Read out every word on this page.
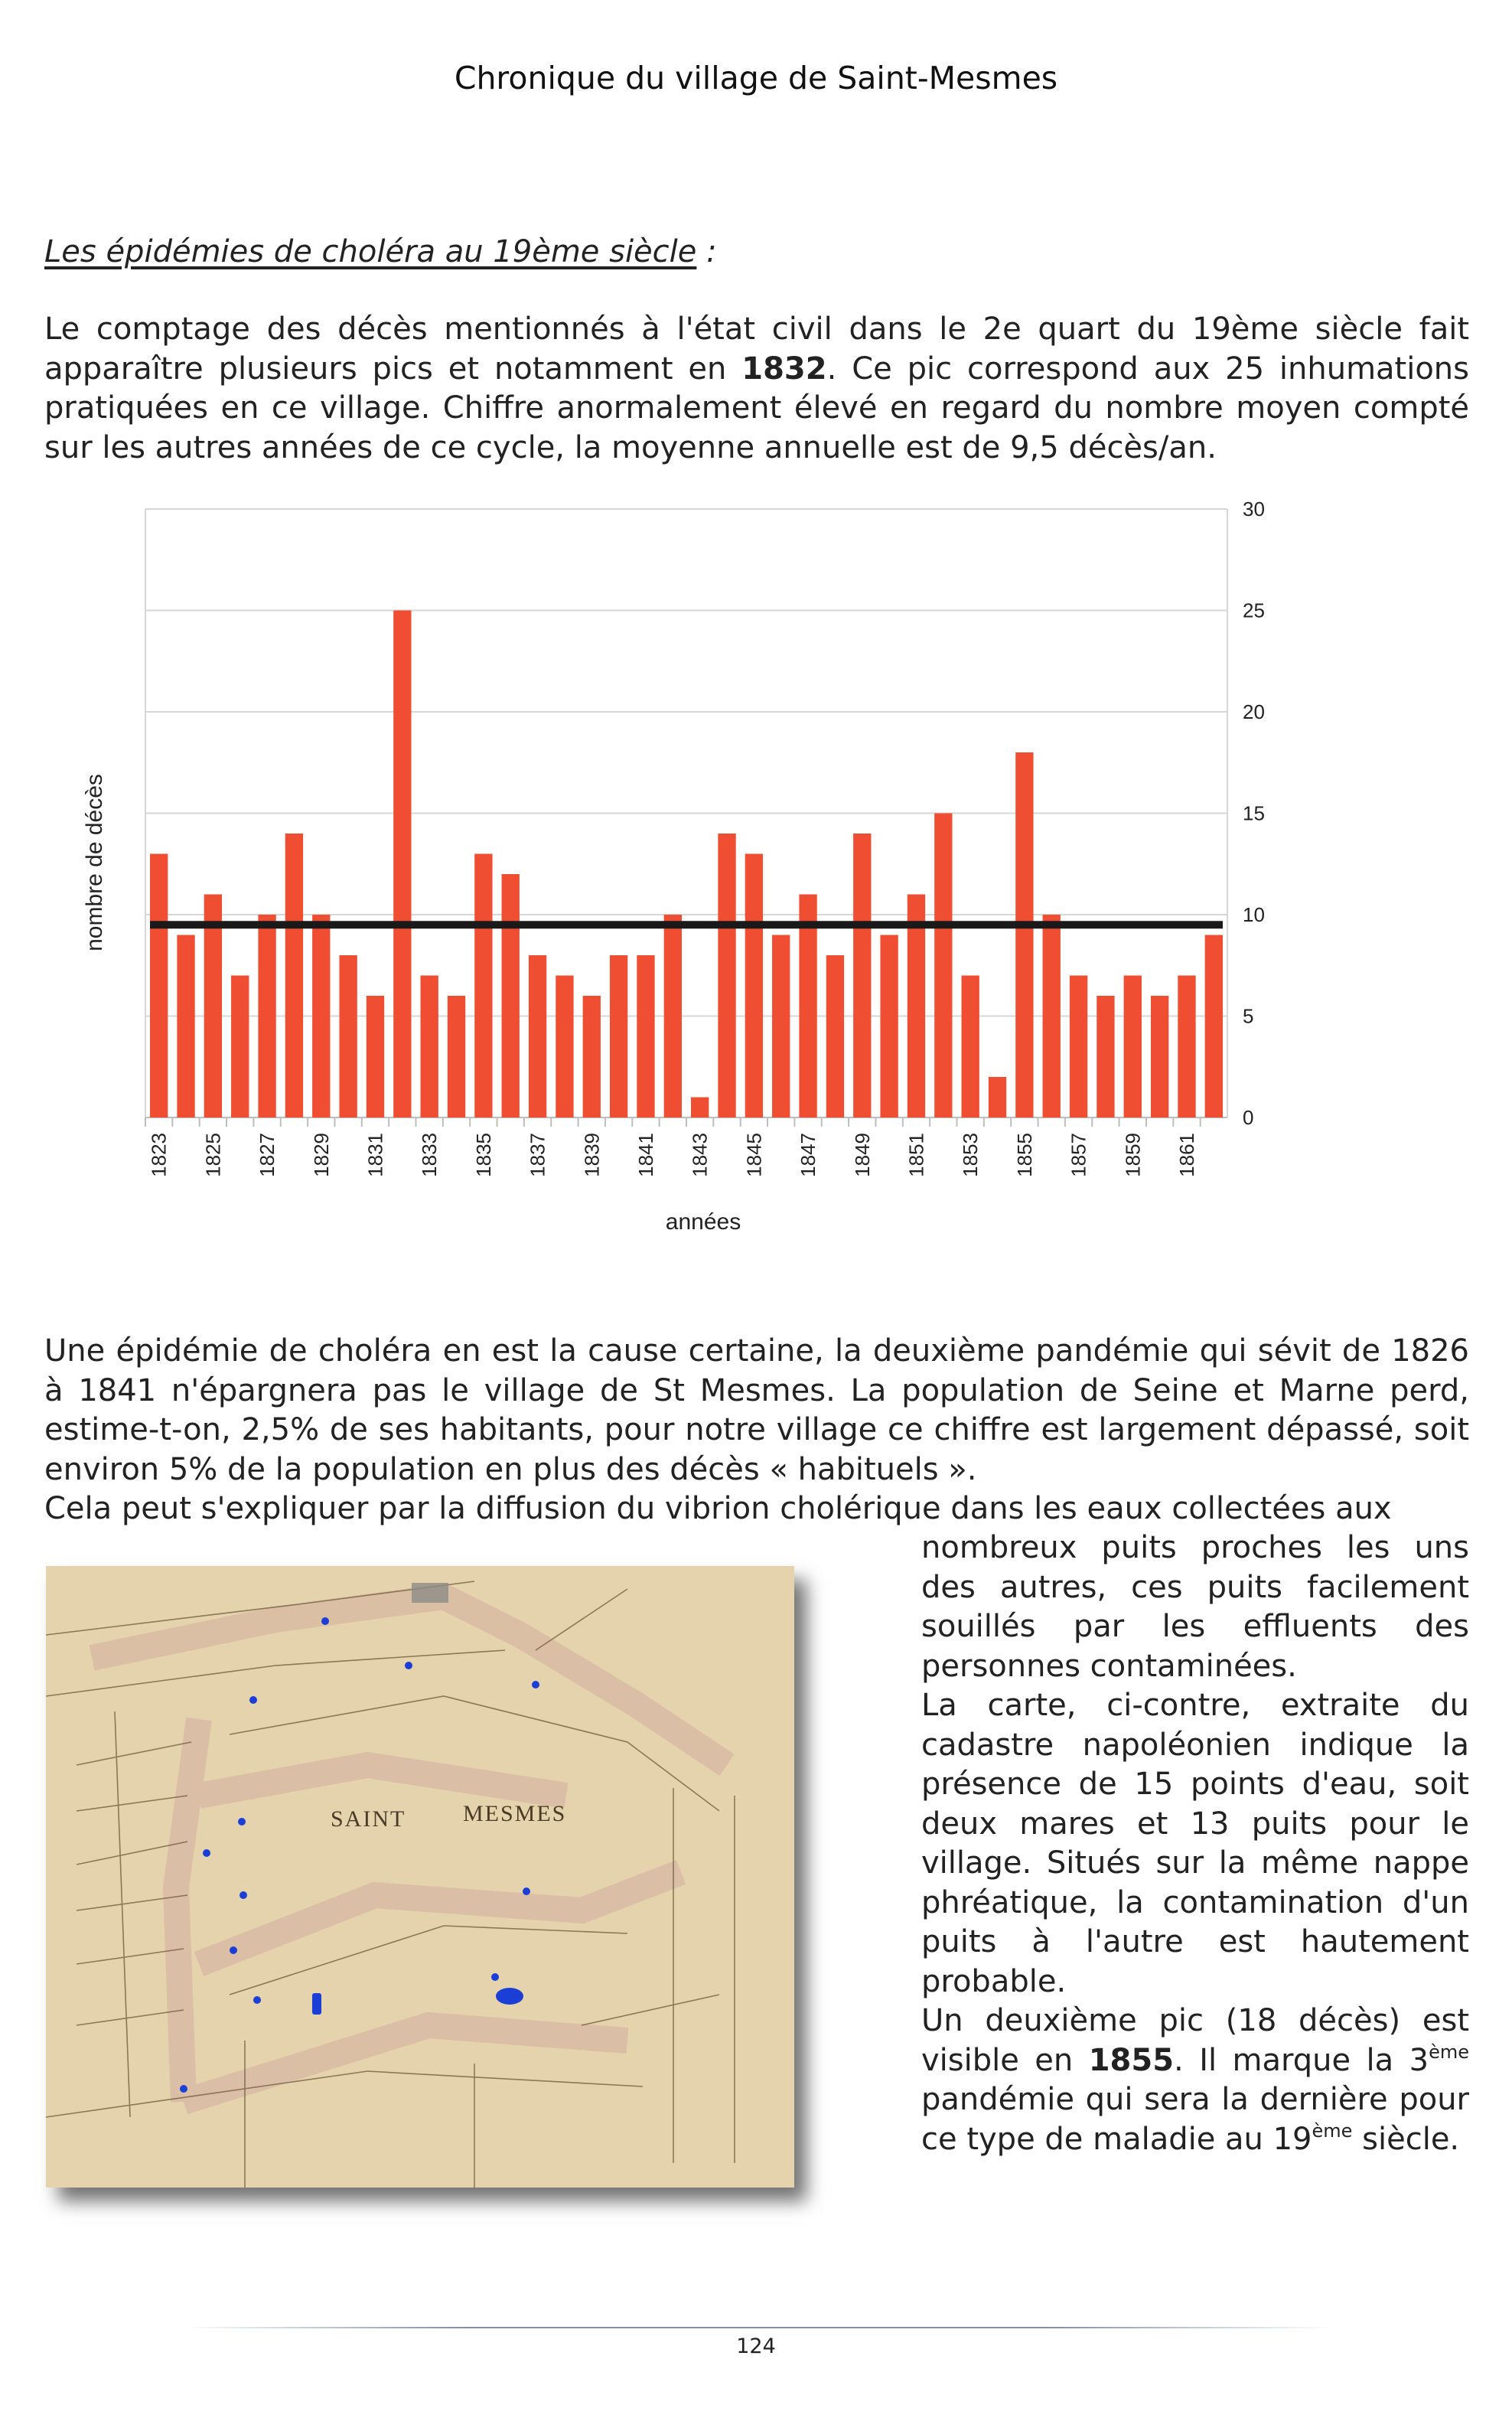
Chronique du village de Saint-Mesmes
Les épidémies de choléra au 19ème siècle :
Le comptage des décès mentionnés à l'état civil dans le 2e quart du 19ème siècle fait apparaître plusieurs pics et notamment en 1832. Ce pic correspond aux 25 inhumations pratiquées en ce village. Chiffre anormalement élevé en regard du nombre moyen compté sur les autres années de ce cycle, la moyenne annuelle est de 9,5 décès/an.
1823 1825 1827 1829 1831 1833 1835 1837 1839 1841 1843 1845 1847 1849 1851 1853 1855 1857 1859 1861
0
5
10
15
20
25
30
années
nombre de décès
Une épidémie de choléra en est la cause certaine, la deuxième pandémie qui sévit de 1826 à 1841 n'épargnera pas le village de St Mesmes. La population de Seine et Marne perd, estime-t-on, 2,5% de ses habitants, pour notre village ce chiffre est largement dépassé, soit environ 5% de la population en plus des décès « habituels ».
Cela peut s'expliquer par la diffusion du vibrion cholérique dans les eaux collectées aux
SAINT MESMES
nombreux puits proches les uns des autres, ces puits facilement souillés par les effluents des personnes contaminées.
La carte, ci-contre, extraite du cadastre napoléonien indique la présence de 15 points d'eau, soit deux mares et 13 puits pour le village. Situés sur la même nappe phréatique, la contamination d'un puits à l'autre est hautement probable.
Un deuxième pic (18 décès) est visible en 1855. Il marque la 3ème pandémie qui sera la dernière pour ce type de maladie au 19ème siècle.
124
